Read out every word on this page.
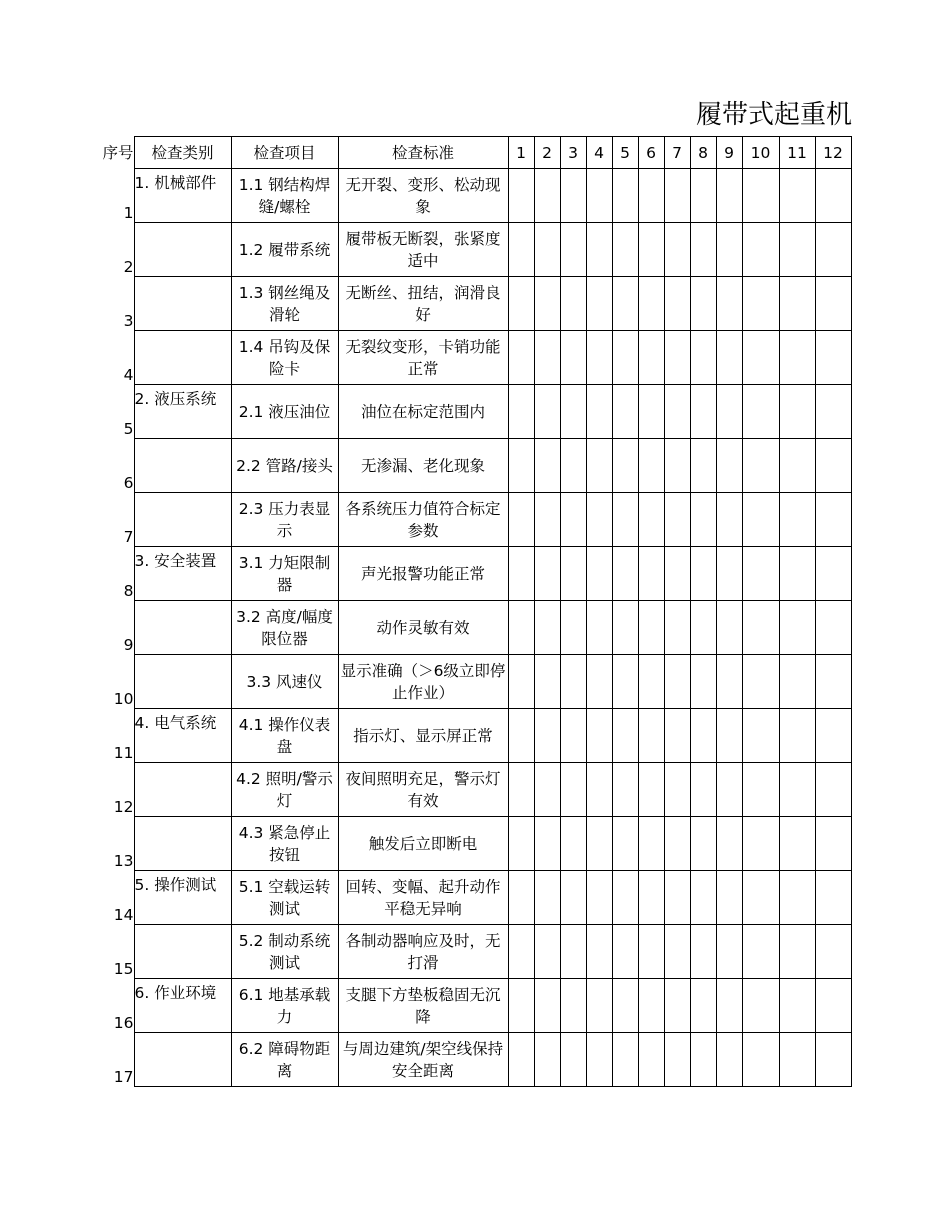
履带式起重机
序号	检查类别	检查项目	检查标准	1	2	3	4	5	6	7	8	9	10	11	12
1	1. 机械部件	1.1 钢结构焊缝/螺栓	无开裂、变形、松动现象												
2		1.2 履带系统	履带板无断裂，张紧度适中												
3		1.3 钢丝绳及滑轮	无断丝、扭结，润滑良好												
4		1.4 吊钩及保险卡	无裂纹变形，卡销功能正常												
5	2. 液压系统	2.1 液压油位	油位在标定范围内												
6		2.2 管路/接头	无渗漏、老化现象												
7		2.3 压力表显示	各系统压力值符合标定参数												
8	3. 安全装置	3.1 力矩限制器	声光报警功能正常												
9		3.2 高度/幅度限位器	动作灵敏有效												
10		3.3 风速仪	显示准确（＞6级立即停止作业）												
11	4. 电气系统	4.1 操作仪表盘	指示灯、显示屏正常												
12		4.2 照明/警示灯	夜间照明充足，警示灯有效												
13		4.3 紧急停止按钮	触发后立即断电												
14	5. 操作测试	5.1 空载运转测试	回转、变幅、起升动作平稳无异响												
15		5.2 制动系统测试	各制动器响应及时，无打滑												
16	6. 作业环境	6.1 地基承载力	支腿下方垫板稳固无沉降												
17		6.2 障碍物距离	与周边建筑/架空线保持安全距离												
